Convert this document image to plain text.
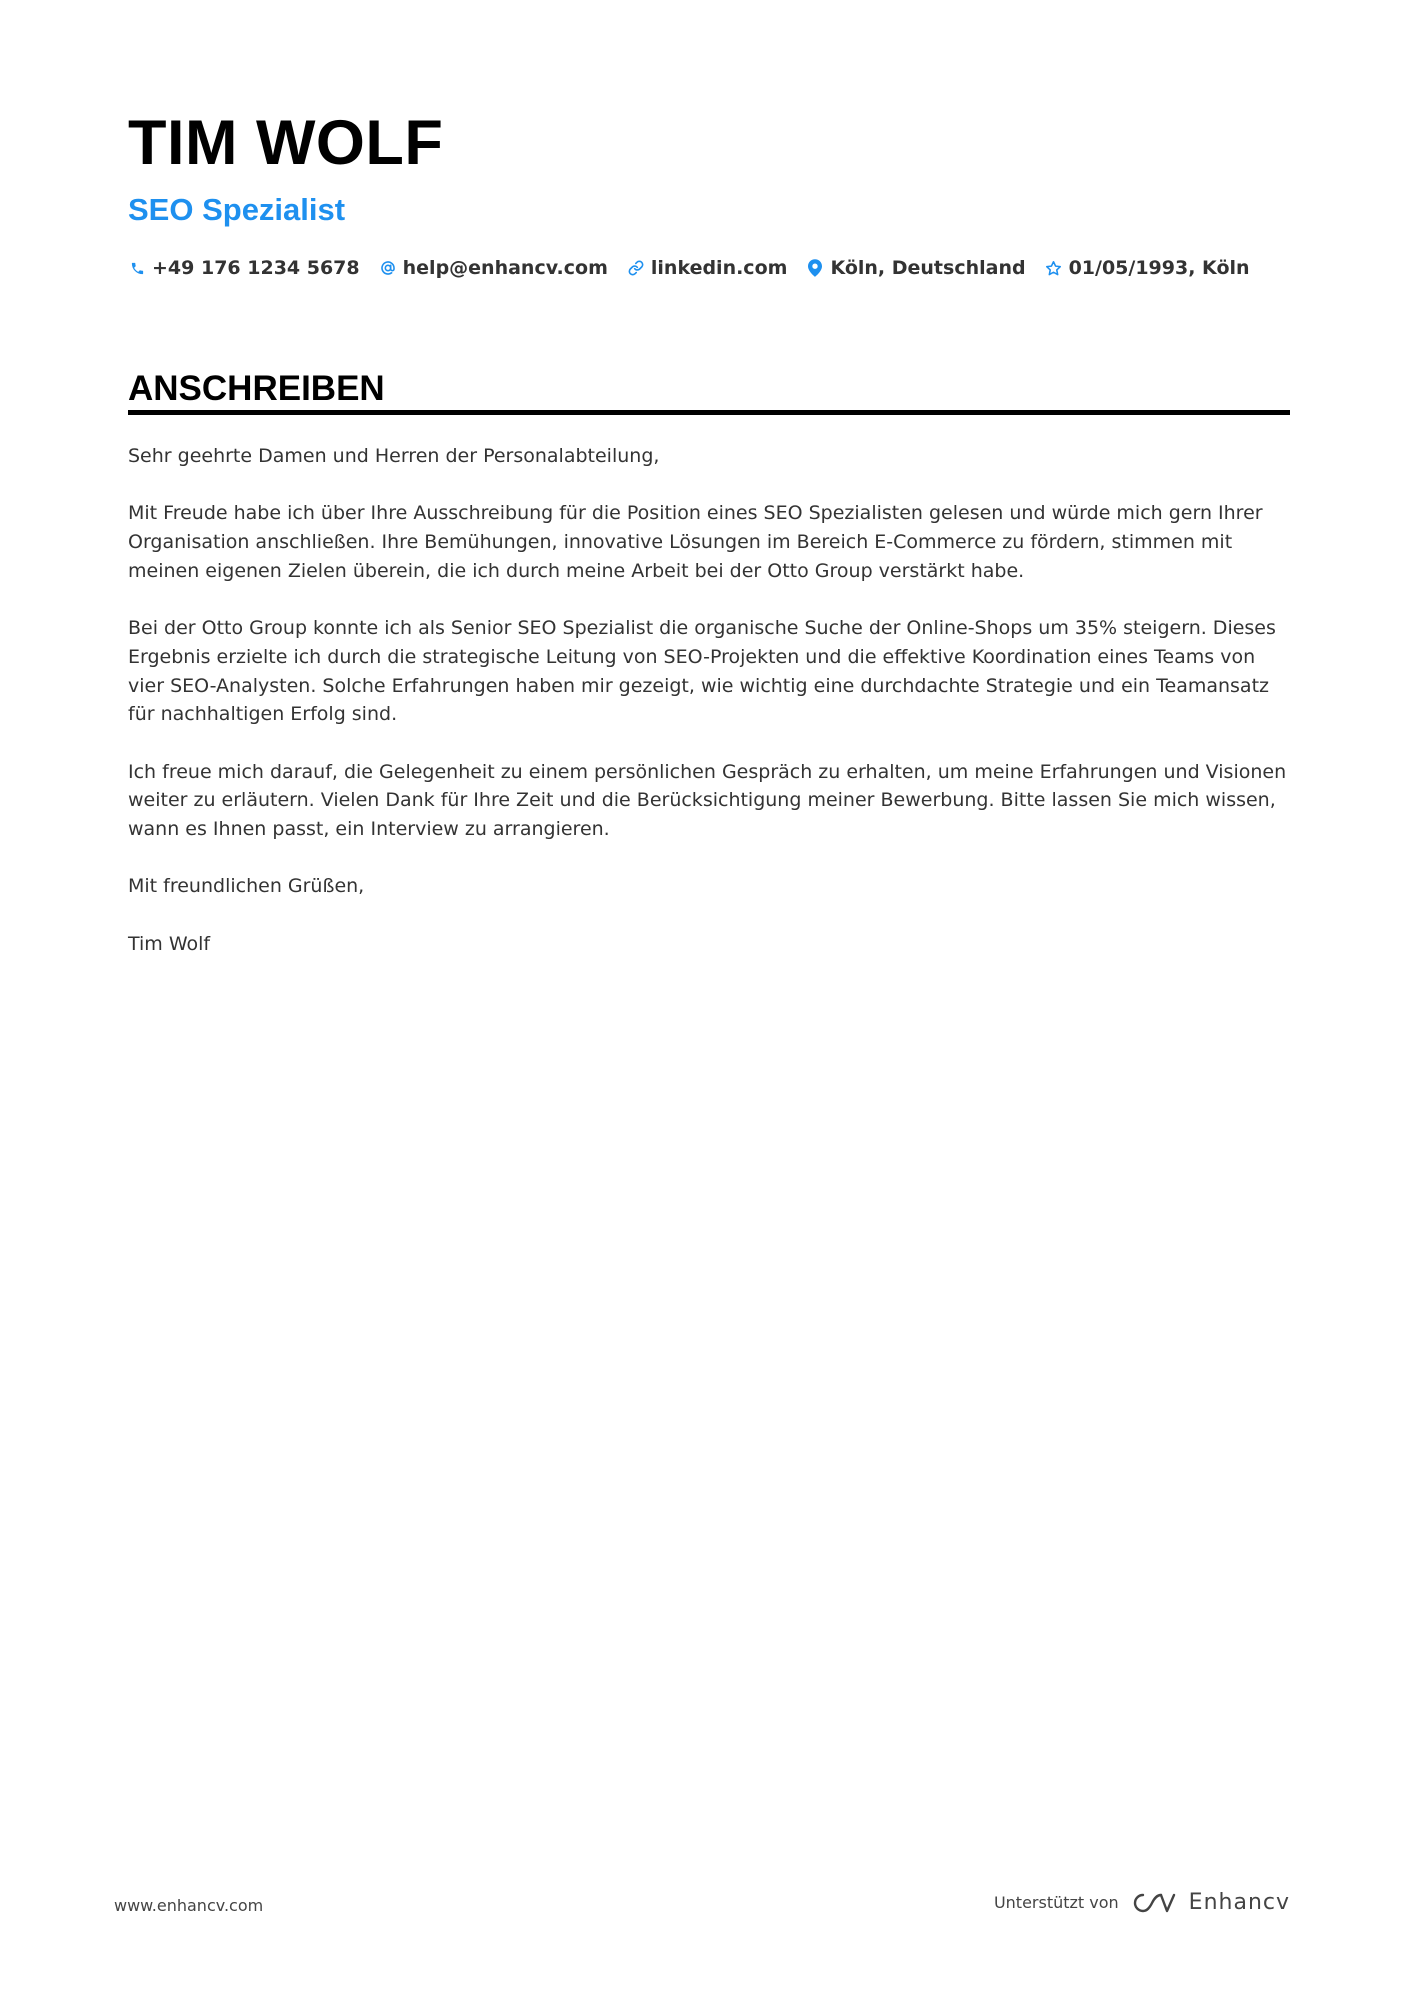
TIM WOLF
SEO Spezialist
+49 176 1234 5678 help@enhancv.com linkedin.com Köln, Deutschland 01/05/1993, Köln
ANSCHREIBEN

Sehr geehrte Damen und Herren der Personalabteilung,

Mit Freude habe ich über Ihre Ausschreibung für die Position eines SEO Spezialisten gelesen und würde mich gern Ihrer Organisation anschließen. Ihre Bemühungen, innovative Lösungen im Bereich E-Commerce zu fördern, stimmen mit meinen eigenen Zielen überein, die ich durch meine Arbeit bei der Otto Group verstärkt habe.

Bei der Otto Group konnte ich als Senior SEO Spezialist die organische Suche der Online-Shops um 35% steigern. Dieses Ergebnis erzielte ich durch die strategische Leitung von SEO-Projekten und die effektive Koordination eines Teams von vier SEO-Analysten. Solche Erfahrungen haben mir gezeigt, wie wichtig eine durchdachte Strategie und ein Teamansatz für nachhaltigen Erfolg sind.

Ich freue mich darauf, die Gelegenheit zu einem persönlichen Gespräch zu erhalten, um meine Erfahrungen und Visionen weiter zu erläutern. Vielen Dank für Ihre Zeit und die Berücksichtigung meiner Bewerbung. Bitte lassen Sie mich wissen, wann es Ihnen passt, ein Interview zu arrangieren.

Mit freundlichen Grüßen,

Tim Wolf

www.enhancv.com	Unterstützt von	Enhancv
